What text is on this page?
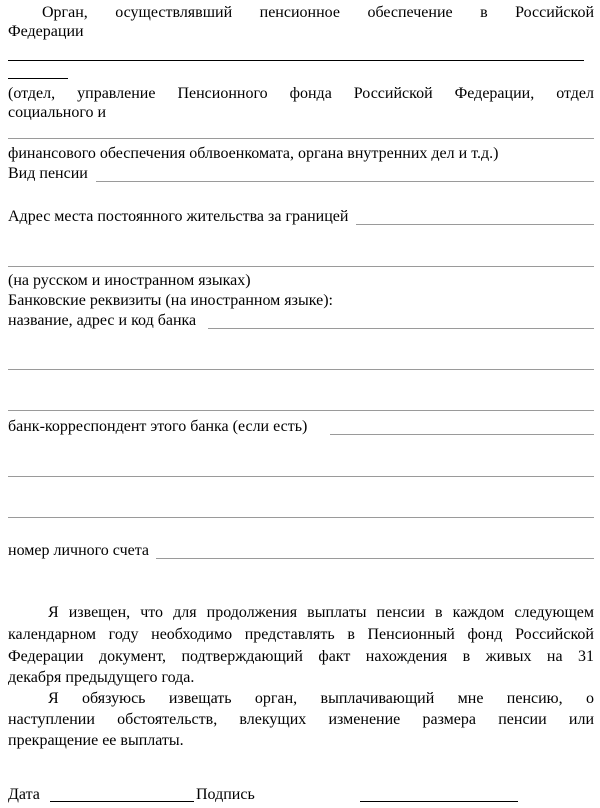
Орган, осуществлявший пенсионное обеспечение в Российской
Федерации
(отдел, управление Пенсионного фонда Российской Федерации, отдел
социального и
финансового обеспечения облвоенкомата, органа внутренних дел и т.д.)
Вид пенсии
Адрес места постоянного жительства за границей
(на русском и иностранном языках)
Банковские реквизиты (на иностранном языке):
название, адрес и код банка
банк-корреспондент этого банка (если есть)
номер личного счета
Я извещен, что для продолжения выплаты пенсии в каждом следующем
календарном году необходимо представлять в Пенсионный фонд Российской
Федерации документ, подтверждающий факт нахождения в живых на 31
декабря предыдущего года.
Я обязуюсь извещать орган, выплачивающий мне пенсию, о
наступлении обстоятельств, влекущих изменение размера пенсии или
прекращение ее выплаты.
Дата	Подпись
